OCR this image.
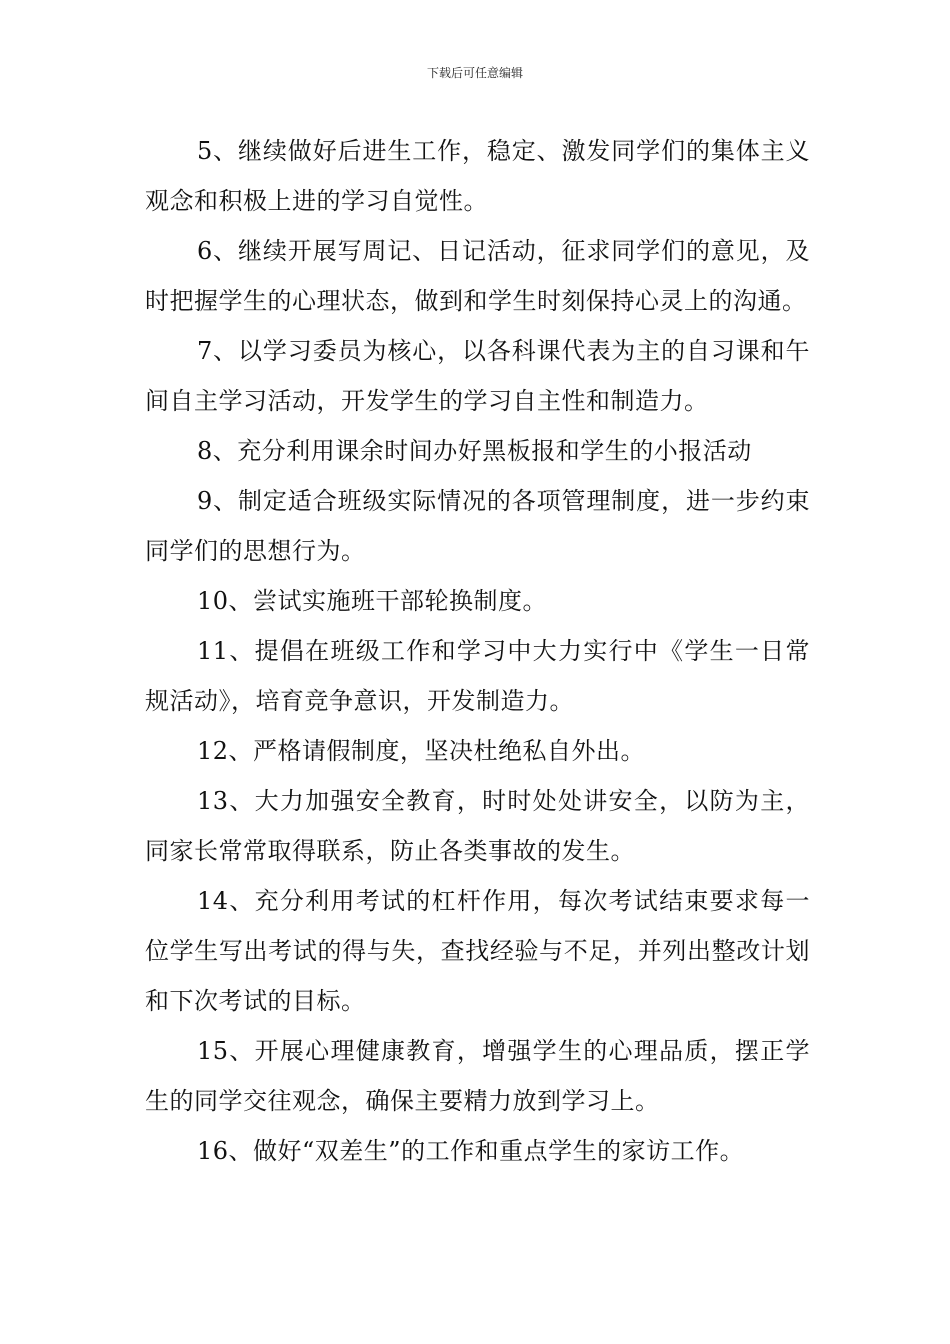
下载后可任意编辑

5、继续做好后进生工作，稳定、激发同学们的集体主义观念和积极上进的学习自觉性。

6、继续开展写周记、日记活动，征求同学们的意见，及时把握学生的心理状态，做到和学生时刻保持心灵上的沟通。

7、以学习委员为核心，以各科课代表为主的自习课和午间自主学习活动，开发学生的学习自主性和制造力。

8、充分利用课余时间办好黑板报和学生的小报活动

9、制定适合班级实际情况的各项管理制度，进一步约束同学们的思想行为。

10、尝试实施班干部轮换制度。

11、提倡在班级工作和学习中大力实行中《学生一日常规活动》，培育竞争意识，开发制造力。

12、严格请假制度，坚决杜绝私自外出。

13、大力加强安全教育，时时处处讲安全，以防为主，同家长常常取得联系，防止各类事故的发生。

14、充分利用考试的杠杆作用，每次考试结束要求每一位学生写出考试的得与失，查找经验与不足，并列出整改计划和下次考试的目标。

15、开展心理健康教育，增强学生的心理品质，摆正学生的同学交往观念，确保主要精力放到学习上。

16、做好“双差生”的工作和重点学生的家访工作。
